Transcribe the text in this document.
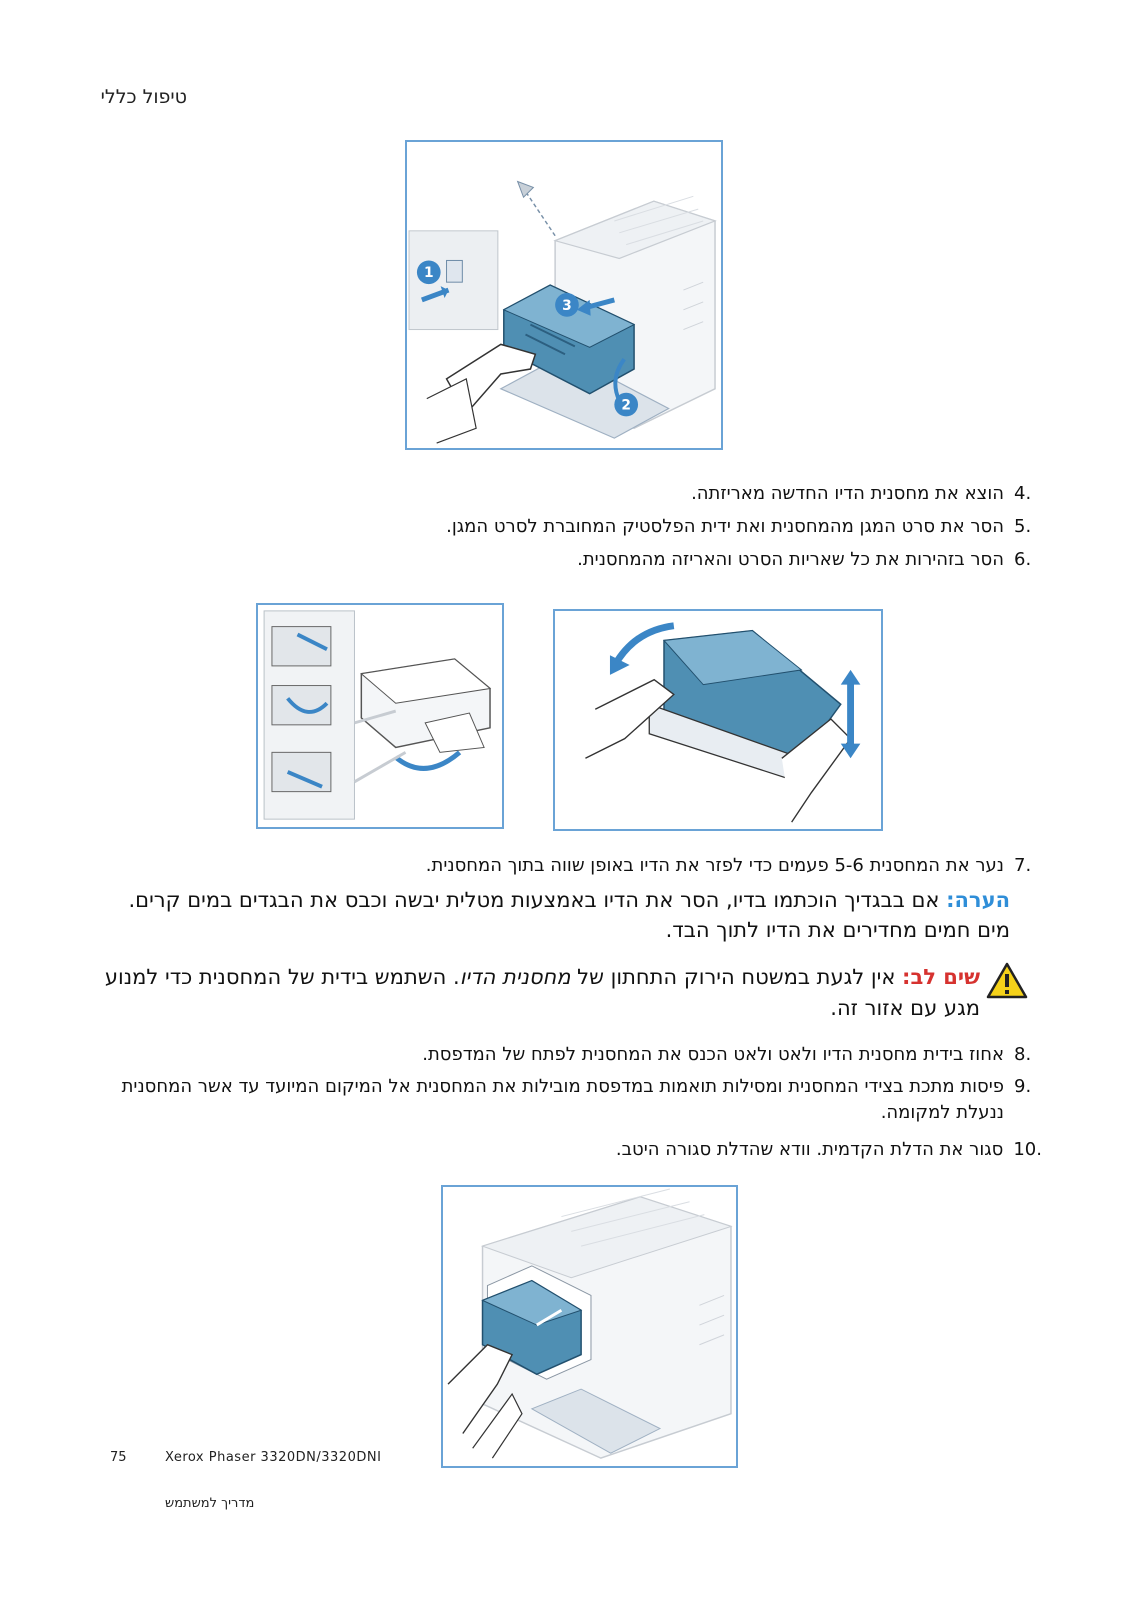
טיפול כללי
1
3
2
הוצא את מחסנית הדיו החדשה מאריזתה. 4.
הסר את סרט המגן מהמחסנית ואת ידית הפלסטיק המחוברת לסרט המגן. 5.
הסר בזהירות את כל שאריות הסרט והאריזה מהמחסנית. 6.
נער את המחסנית 5-6 פעמים כדי לפזר את הדיו באופן שווה בתוך המחסנית. 7.
הערה: אם בבגדיך הוכתמו בדיו, הסר את הדיו באמצעות מטלית יבשה וכבס את הבגדים במים קרים. מים חמים מחדירים את הדיו לתוך הבד.
שים לב: אין לגעת במשטח הירוק התחתון של מחסנית הדיו. השתמש בידית של המחסנית כדי למנוע מגע עם אזור זה.
אחוז בידית מחסנית הדיו ולאט ולאט הכנס את המחסנית לפתח של המדפסת. 8.
פיסות מתכת בצידי המחסנית ומסילות תואמות במדפסת מובילות את המחסנית אל המיקום המיועד עד אשר המחסנית ננעלת למקומה.
9.
סגור את הדלת הקדמית. וודא שהדלת סגורה היטב. 10.
75	Xerox Phaser 3320DN/3320DNI
מדריך למשתמש
